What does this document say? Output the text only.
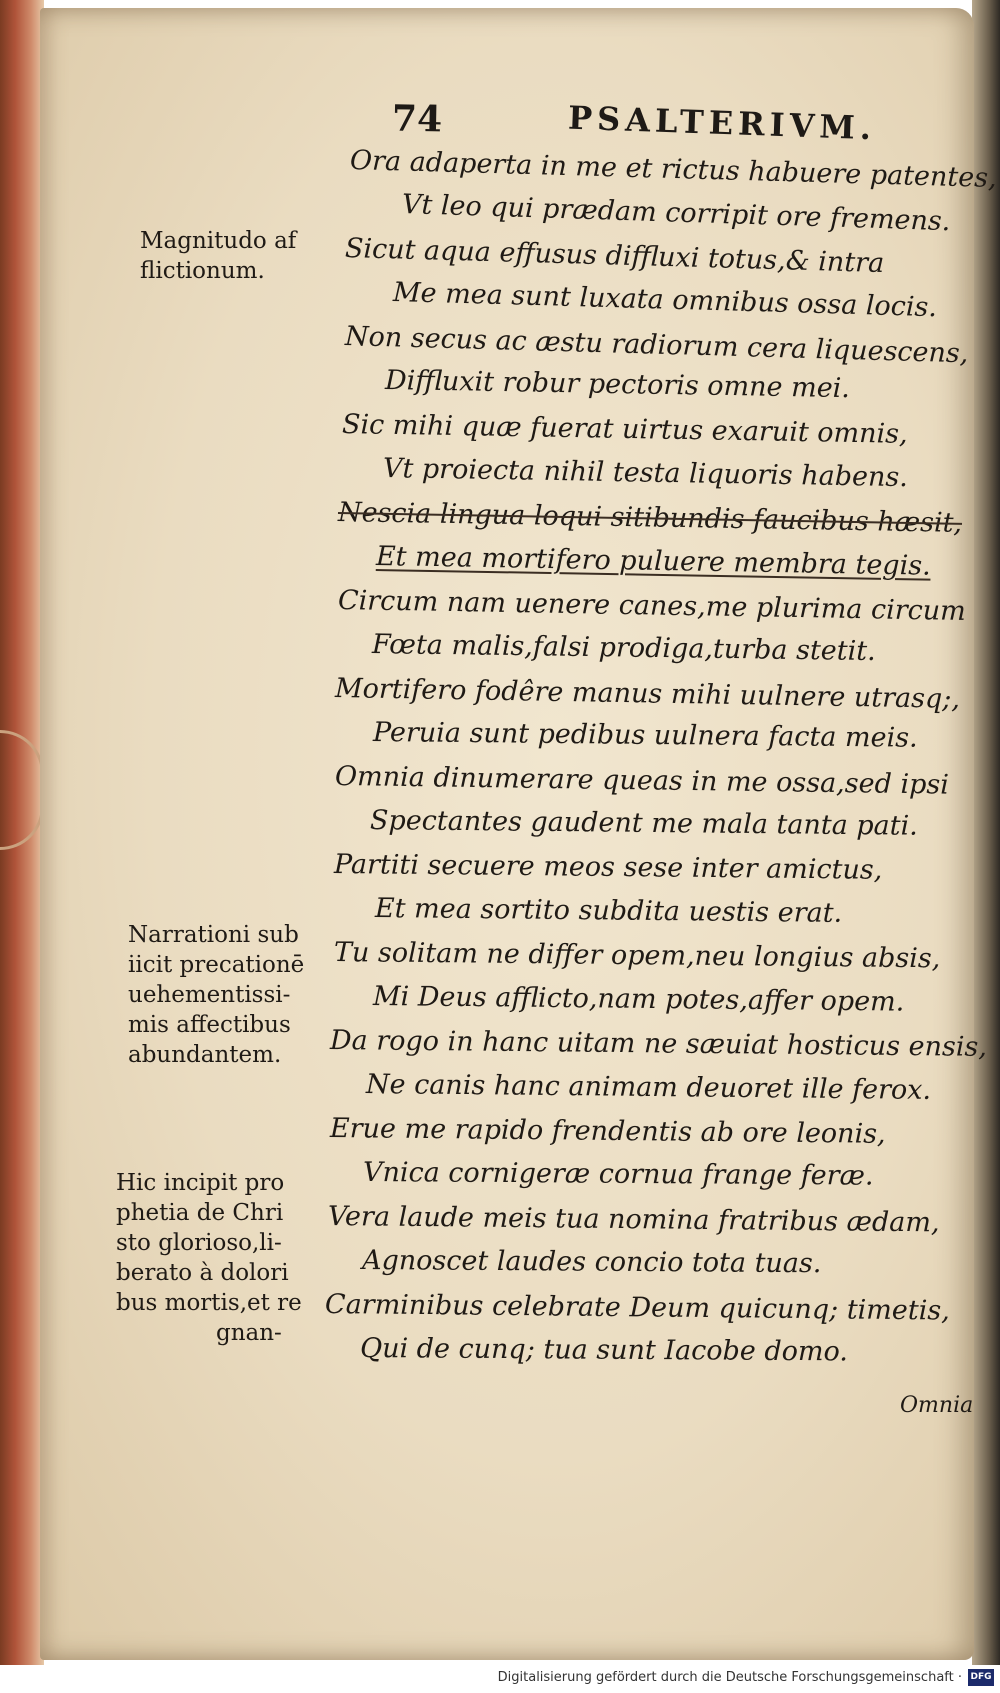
74	PSALTERIVM.
Ora adaperta in me et rictus habuere patentes,
Vt leo qui prædam corripit ore fremens.
Sicut aqua effusus diffluxi totus,& intra
Me mea sunt luxata omnibus ossa locis.
Non secus ac æstu radiorum cera liquescens,
Diffluxit robur pectoris omne mei.
Sic mihi quæ fuerat uirtus exaruit omnis,
Vt proiecta nihil testa liquoris habens.
Nescia lingua loqui sitibundis faucibus hæsit,
Et mea mortifero puluere membra tegis.
Circum nam uenere canes,me plurima circum
Fœta malis,falsi prodiga,turba stetit.
Mortifero fodêre manus mihi uulnere utrasq;,
Peruia sunt pedibus uulnera facta meis.
Omnia dinumerare queas in me ossa,sed ipsi
Spectantes gaudent me mala tanta pati.
Partiti secuere meos sese inter amictus,
Et mea sortito subdita uestis erat.
Tu solitam ne differ opem,neu longius absis,
Mi Deus afflicto,nam potes,affer opem.
Da rogo in hanc uitam ne sæuiat hosticus ensis,
Ne canis hanc animam deuoret ille ferox.
Erue me rapido frendentis ab ore leonis,
Vnica cornigeræ cornua frange feræ.
Vera laude meis tua nomina fratribus ædam,
Agnoscet laudes concio tota tuas.
Carminibus celebrate Deum quicunq; timetis,
Qui de cunq; tua sunt Iacobe domo.
Magnitudo af
flictionum.
Narrationi sub
iicit precationē
uehementissi-
mis affectibus
abundantem.
Hic incipit pro
phetia de Chri
sto glorioso,li-
berato à dolori
bus mortis,et re
gnan-
Omnia
Digitalisierung gefördert durch die Deutsche Forschungsgemeinschaft · DFG
